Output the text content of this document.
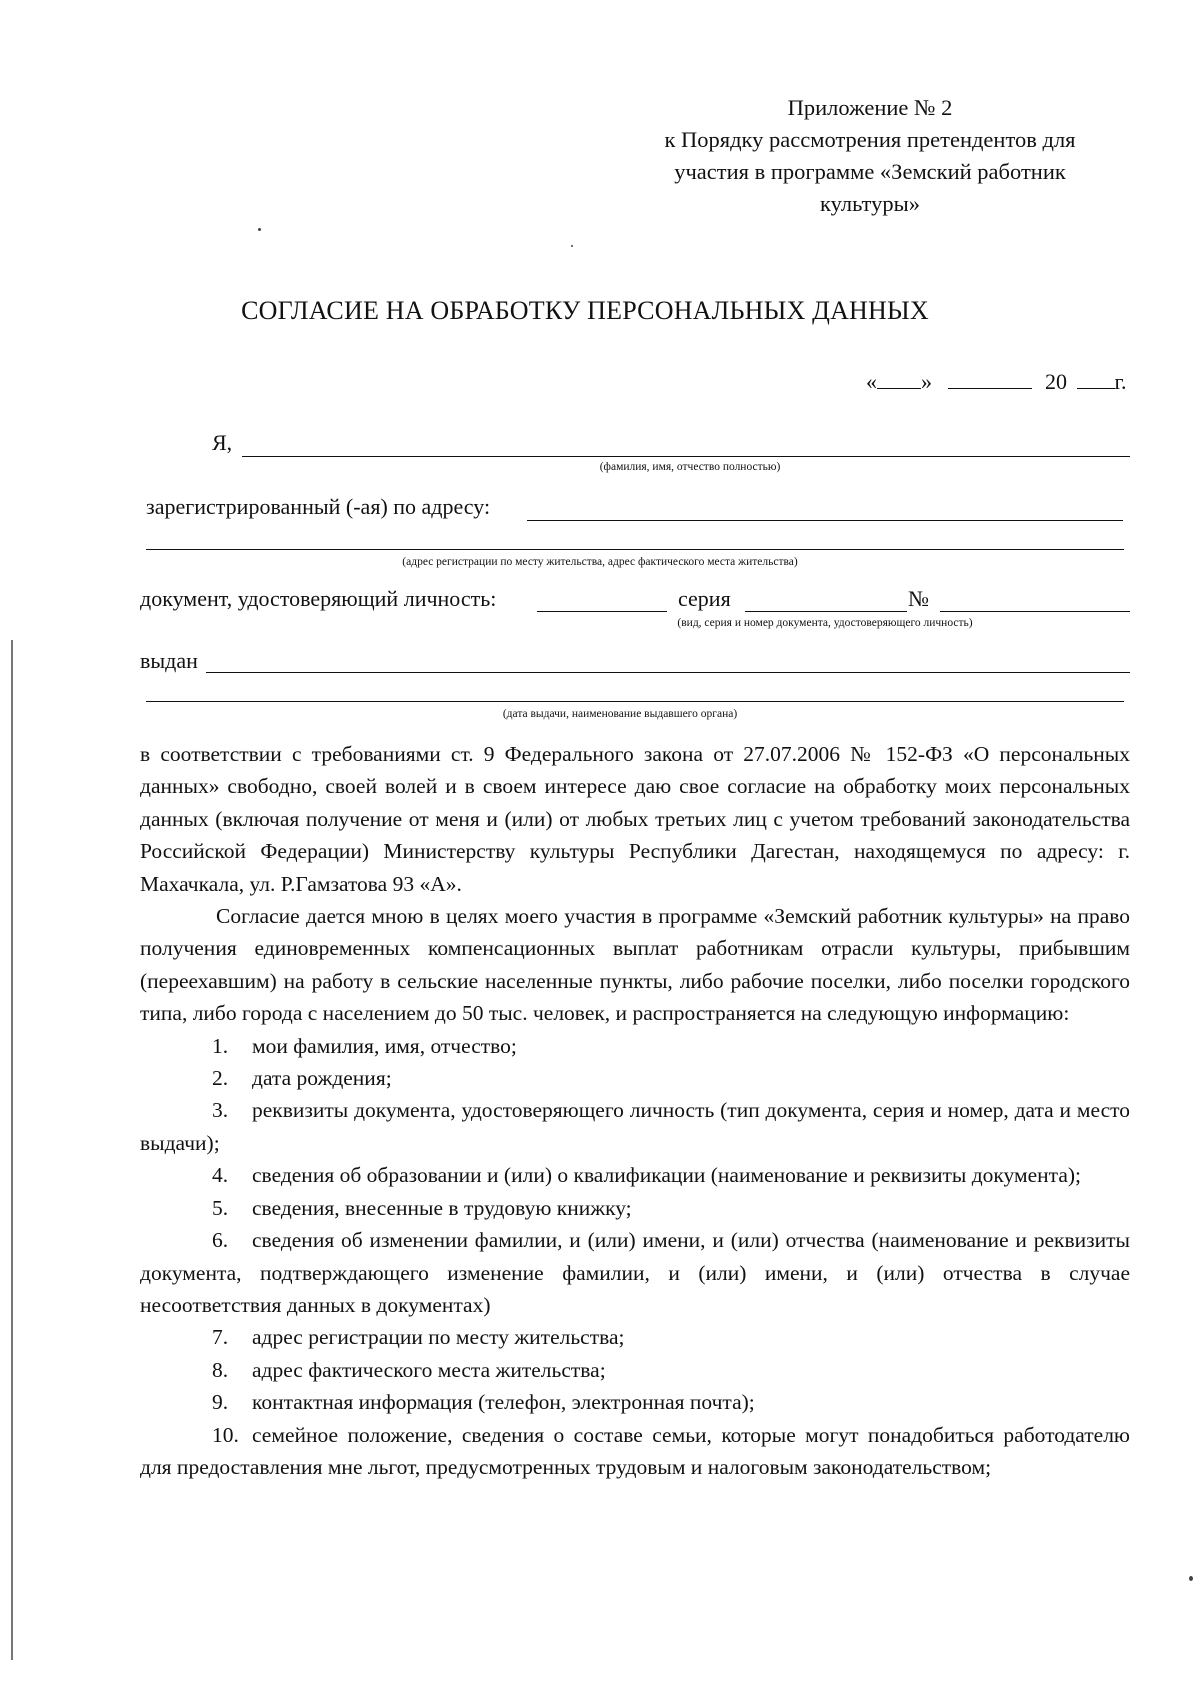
Приложение № 2
к Порядку рассмотрения претендентов для
участия в программе «Земский работник
культуры»
СОГЛАСИЕ НА ОБРАБОТКУ ПЕРСОНАЛЬНЫХ ДАННЫХ
« »	20 г.
Я,
(фамилия, имя, отчество полностью)
зарегистрированный (-ая) по адресу:
(адрес регистрации по месту жительства, адрес фактического места жительства)
документ, удостоверяющий личность:	серия	№
(вид, серия и номер документа, удостоверяющего личность)
выдан
(дата выдачи, наименование выдавшего органа)

в соответствии с требованиями ст. 9 Федерального закона от 27.07.2006 № 152-ФЗ «О персональных данных» свободно, своей волей и в своем интересе даю свое согласие на обработку моих персональных данных (включая получение от меня и (или) от любых третьих лиц с учетом требований законодательства Российской Федерации) Министерству культуры Республики Дагестан, находящемуся по адресу: г. Махачкала, ул. Р.Гамзатова 93 «А».

Согласие дается мною в целях моего участия в программе «Земский работник культуры» на право получения единовременных компенсационных выплат работникам отрасли культуры, прибывшим (переехавшим) на работу в сельские населенные пункты, либо рабочие поселки, либо поселки городского типа, либо города с населением до 50 тыс. человек, и распространяется на следующую информацию:

1. мои фамилия, имя, отчество;

2. дата рождения;

3. реквизиты документа, удостоверяющего личность (тип документа, серия и номер, дата и место выдачи);

4. сведения об образовании и (или) о квалификации (наименование и реквизиты документа);

5. сведения, внесенные в трудовую книжку;

6. сведения об изменении фамилии, и (или) имени, и (или) отчества (наименование и реквизиты документа, подтверждающего изменение фамилии, и (или) имени, и (или) отчества в случае несоответствия данных в документах)

7. адрес регистрации по месту жительства;

8. адрес фактического места жительства;

9. контактная информация (телефон, электронная почта);

10. семейное положение, сведения о составе семьи, которые могут понадобиться работодателю для предоставления мне льгот, предусмотренных трудовым и налоговым законодательством;
